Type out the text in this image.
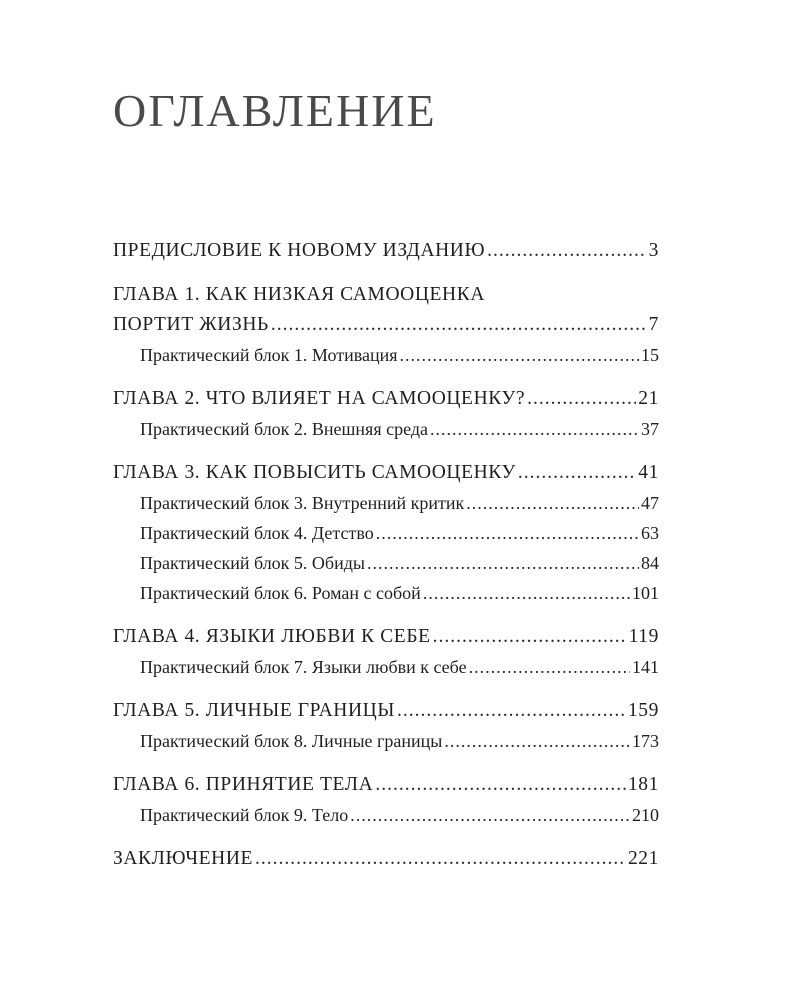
ОГЛАВЛЕНИЕ
ПРЕДИСЛОВИЕ К НОВОМУ ИЗДАНИЮ .....	3
ГЛАВА 1. КАК НИЗКАЯ САМООЦЕНКА
ПОРТИТ ЖИЗНЬ .....	7
Практический блок 1. Мотивация .....	15
ГЛАВА 2. ЧТО ВЛИЯЕТ НА САМООЦЕНКУ? .....	21
Практический блок 2. Внешняя среда .....	37
ГЛАВА 3. КАК ПОВЫСИТЬ САМООЦЕНКУ .....	41
Практический блок 3. Внутренний критик .....	47
Практический блок 4. Детство .....	63
Практический блок 5. Обиды .....	84
Практический блок 6. Роман с собой .....	101
ГЛАВА 4. ЯЗЫКИ ЛЮБВИ К СЕБЕ .....	119
Практический блок 7. Языки любви к себе .....	141
ГЛАВА 5. ЛИЧНЫЕ ГРАНИЦЫ .....	159
Практический блок 8. Личные границы .....	173
ГЛАВА 6. ПРИНЯТИЕ ТЕЛА .....	181
Практический блок 9. Тело .....	210
ЗАКЛЮЧЕНИЕ .....	221
